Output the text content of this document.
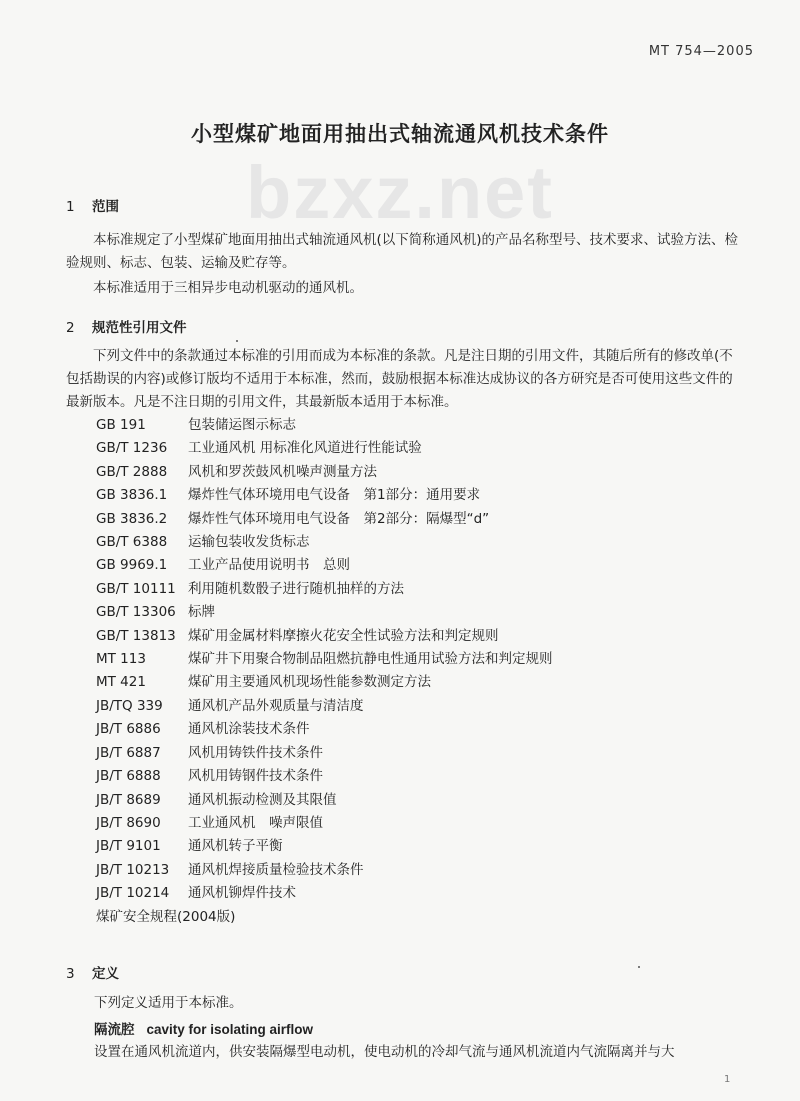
MT 754—2005
bzxz.net
小型煤矿地面用抽出式轴流通风机技术条件
1 范围

本标准规定了小型煤矿地面用抽出式轴流通风机(以下简称通风机)的产品名称型号、技术要求、试验方法、检验规则、标志、包装、运输及贮存等。

本标准适用于三相异步电动机驱动的通风机。

2 规范性引用文件

下列文件中的条款通过本标准的引用而成为本标准的条款。凡是注日期的引用文件，其随后所有的修改单(不包括勘误的内容)或修订版均不适用于本标准，然而，鼓励根据本标准达成协议的各方研究是否可使用这些文件的最新版本。凡是不注日期的引用文件，其最新版本适用于本标准。

GB 191	包装储运图示标志
GB/T 1236 工业通风机 用标准化风道进行性能试验
GB/T 2888 风机和罗茨鼓风机噪声测量方法
GB 3836.1 爆炸性气体环境用电气设备　第1部分：通用要求
GB 3836.2 爆炸性气体环境用电气设备　第2部分：隔爆型“d”
GB/T 6388 运输包装收发货标志
GB 9969.1 工业产品使用说明书　总则
GB/T 10111 利用随机数骰子进行随机抽样的方法
GB/T 13306 标牌
GB/T 13813 煤矿用金属材料摩擦火花安全性试验方法和判定规则
MT 113	煤矿井下用聚合物制品阻燃抗静电性通用试验方法和判定规则
MT 421	煤矿用主要通风机现场性能参数测定方法
JB/TQ 339 通风机产品外观质量与清洁度
JB/T 6886 通风机涂装技术条件
JB/T 6887 风机用铸铁件技术条件
JB/T 6888 风机用铸钢件技术条件
JB/T 8689 通风机振动检测及其限值
JB/T 8690 工业通风机　噪声限值
JB/T 9101 通风机转子平衡
JB/T 10213 通风机焊接质量检验技术条件
JB/T 10214 通风机铆焊件技术
煤矿安全规程(2004版)
3 定义
下列定义适用于本标准。
隔流腔 cavity for isolating airflow
设置在通风机流道内，供安装隔爆型电动机，使电动机的冷却气流与通风机流道内气流隔离并与大
1
